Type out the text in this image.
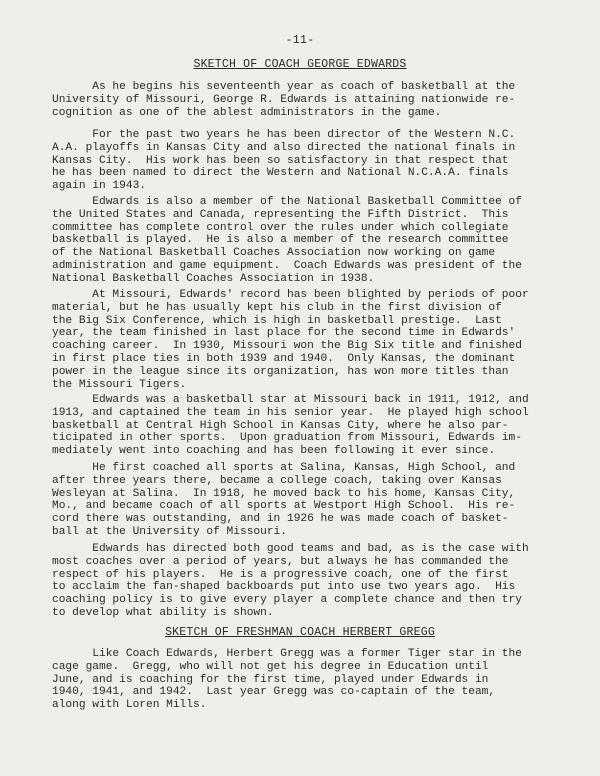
-11-
SKETCH OF COACH GEORGE EDWARDS

As he begins his seventeenth year as coach of basketball at the
University of Missouri, George R. Edwards is attaining nationwide re-
cognition as one of the ablest administrators in the game.

For the past two years he has been director of the Western N.C.
A.A. playoffs in Kansas City and also directed the national finals in
Kansas City.  His work has been so satisfactory in that respect that
he has been named to direct the Western and National N.C.A.A. finals
again in 1943.

Edwards is also a member of the National Basketball Committee of
the United States and Canada, representing the Fifth District.  This
committee has complete control over the rules under which collegiate
basketball is played.  He is also a member of the research committee
of the National Basketball Coaches Association now working on game
administration and game equipment.  Coach Edwards was president of the
National Basketball Coaches Association in 1938.

At Missouri, Edwards' record has been blighted by periods of poor
material, but he has usually kept his club in the first division of
the Big Six Conference, which is high in basketball prestige.  Last
year, the team finished in last place for the second time in Edwards'
coaching career.  In 1930, Missouri won the Big Six title and finished
in first place ties in both 1939 and 1940.  Only Kansas, the dominant
power in the league since its organization, has won more titles than
the Missouri Tigers.

Edwards was a basketball star at Missouri back in 1911, 1912, and
1913, and captained the team in his senior year.  He played high school
basketball at Central High School in Kansas City, where he also par-
ticipated in other sports.  Upon graduation from Missouri, Edwards im-
mediately went into coaching and has been following it ever since.

He first coached all sports at Salina, Kansas, High School, and
after three years there, became a college coach, taking over Kansas
Wesleyan at Salina.  In 1918, he moved back to his home, Kansas City,
Mo., and became coach of all sports at Westport High School.  His re-
cord there was outstanding, and in 1926 he was made coach of basket-
ball at the University of Missouri.

Edwards has directed both good teams and bad, as is the case with
most coaches over a period of years, but always he has commanded the
respect of his players.  He is a progressive coach, one of the first
to acclaim the fan-shaped backboards put into use two years ago.  His
coaching policy is to give every player a complete chance and then try
to develop what ability is shown.

SKETCH OF FRESHMAN COACH HERBERT GREGG

Like Coach Edwards, Herbert Gregg was a former Tiger star in the
cage game.  Gregg, who will not get his degree in Education until
June, and is coaching for the first time, played under Edwards in
1940, 1941, and 1942.  Last year Gregg was co-captain of the team,
along with Loren Mills.
